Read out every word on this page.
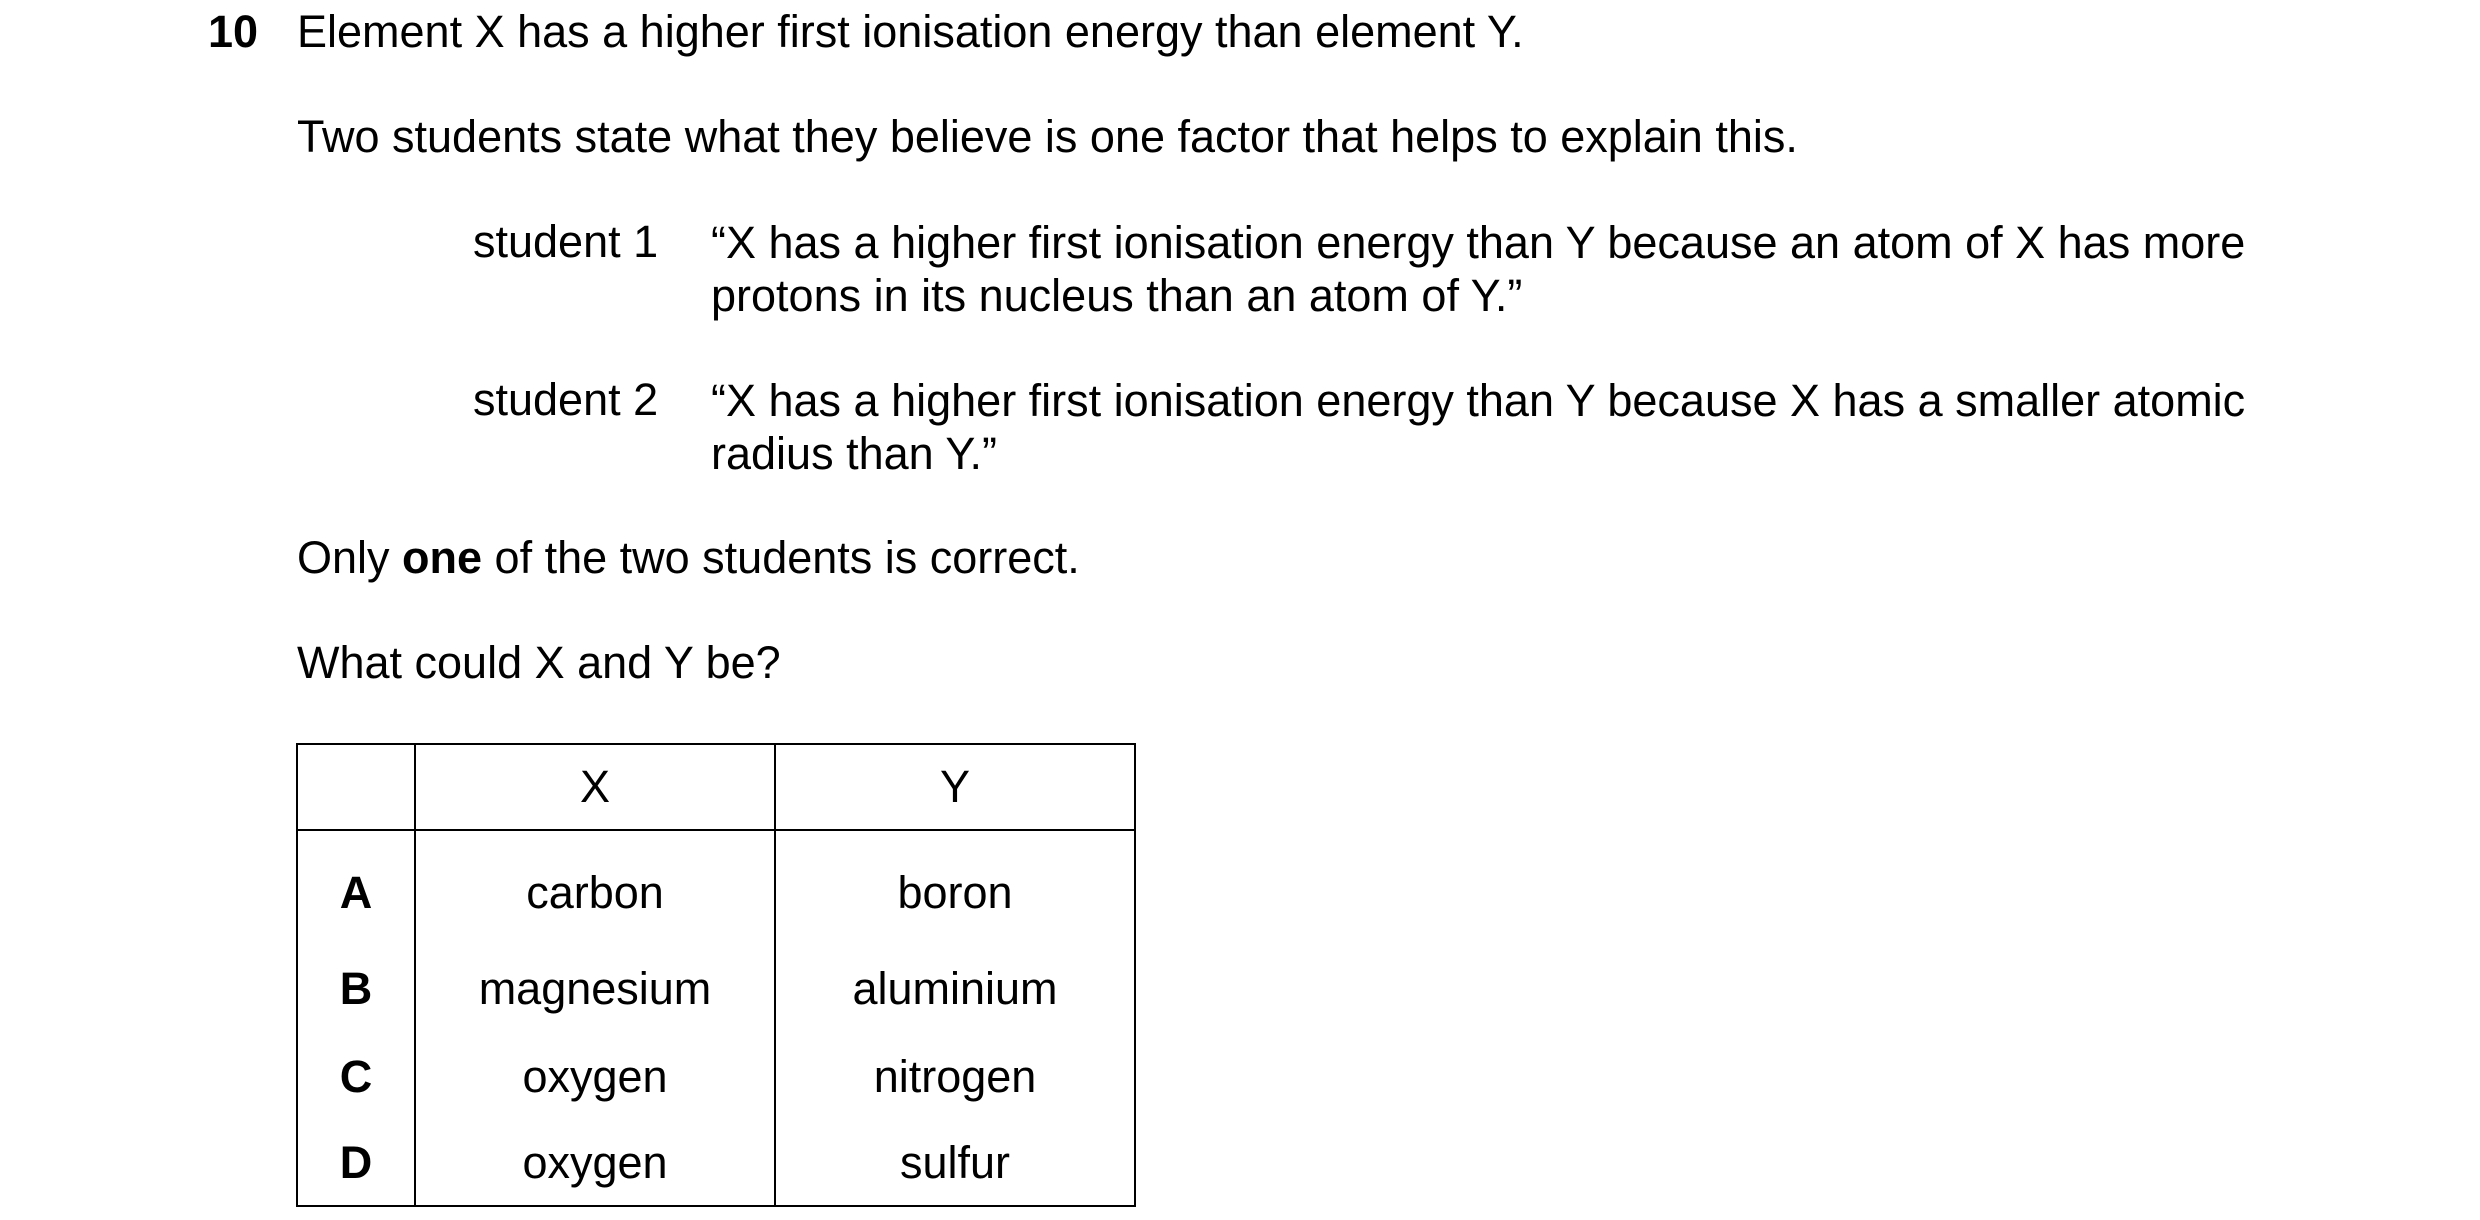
10 Element X has a higher first ionisation energy than element Y.
Two students state what they believe is one factor that helps to explain this.
student 1 “X has a higher first ionisation energy than Y because an atom of X has more protons in its nucleus than an atom of Y.”
student 2 “X has a higher first ionisation energy than Y because X has a smaller atomic radius than Y.”
Only one of the two students is correct.
What could X and Y be?
	X	Y
A	carbon	boron
B	magnesium	aluminium
C	oxygen	nitrogen
D	oxygen	sulfur
